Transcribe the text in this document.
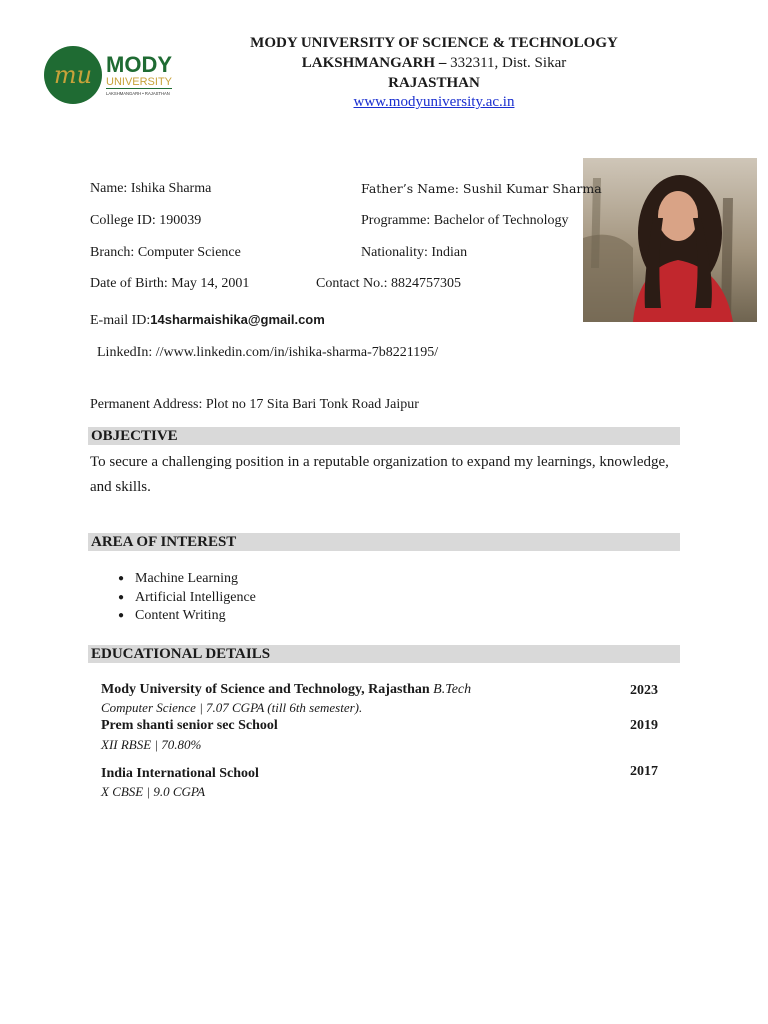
mu MODY
UNIVERSITY
LAKSHMANGARH • RAJASTHAN
MODY UNIVERSITY OF SCIENCE & TECHNOLOGY
LAKSHMANGARH – 332311, Dist. Sikar
RAJASTHAN
www.modyuniversity.ac.in
Name: Ishika Sharma	Father’s Name: Sushil Kumar Sharma
College ID: 190039	Programme: Bachelor of Technology
Branch: Computer Science	Nationality: Indian
Date of Birth: May 14, 2001	Contact No.: 8824757305
E-mail ID:14sharmaishika@gmail.com
LinkedIn: //www.linkedin.com/in/ishika-sharma-7b8221195/
Permanent Address: Plot no 17 Sita Bari Tonk Road Jaipur
OBJECTIVE
To secure a challenging position in a reputable organization to expand my learnings, knowledge, and skills.
AREA OF INTEREST
● Machine Learning
● Artificial Intelligence
● Content Writing
EDUCATIONAL DETAILS
Mody University of Science and Technology, Rajasthan B.Tech
Computer Science | 7.07 CGPA (till 6th semester).
2023
Prem shanti senior sec School
XII RBSE | 70.80%
2019
India International School
X CBSE | 9.0 CGPA
2017
